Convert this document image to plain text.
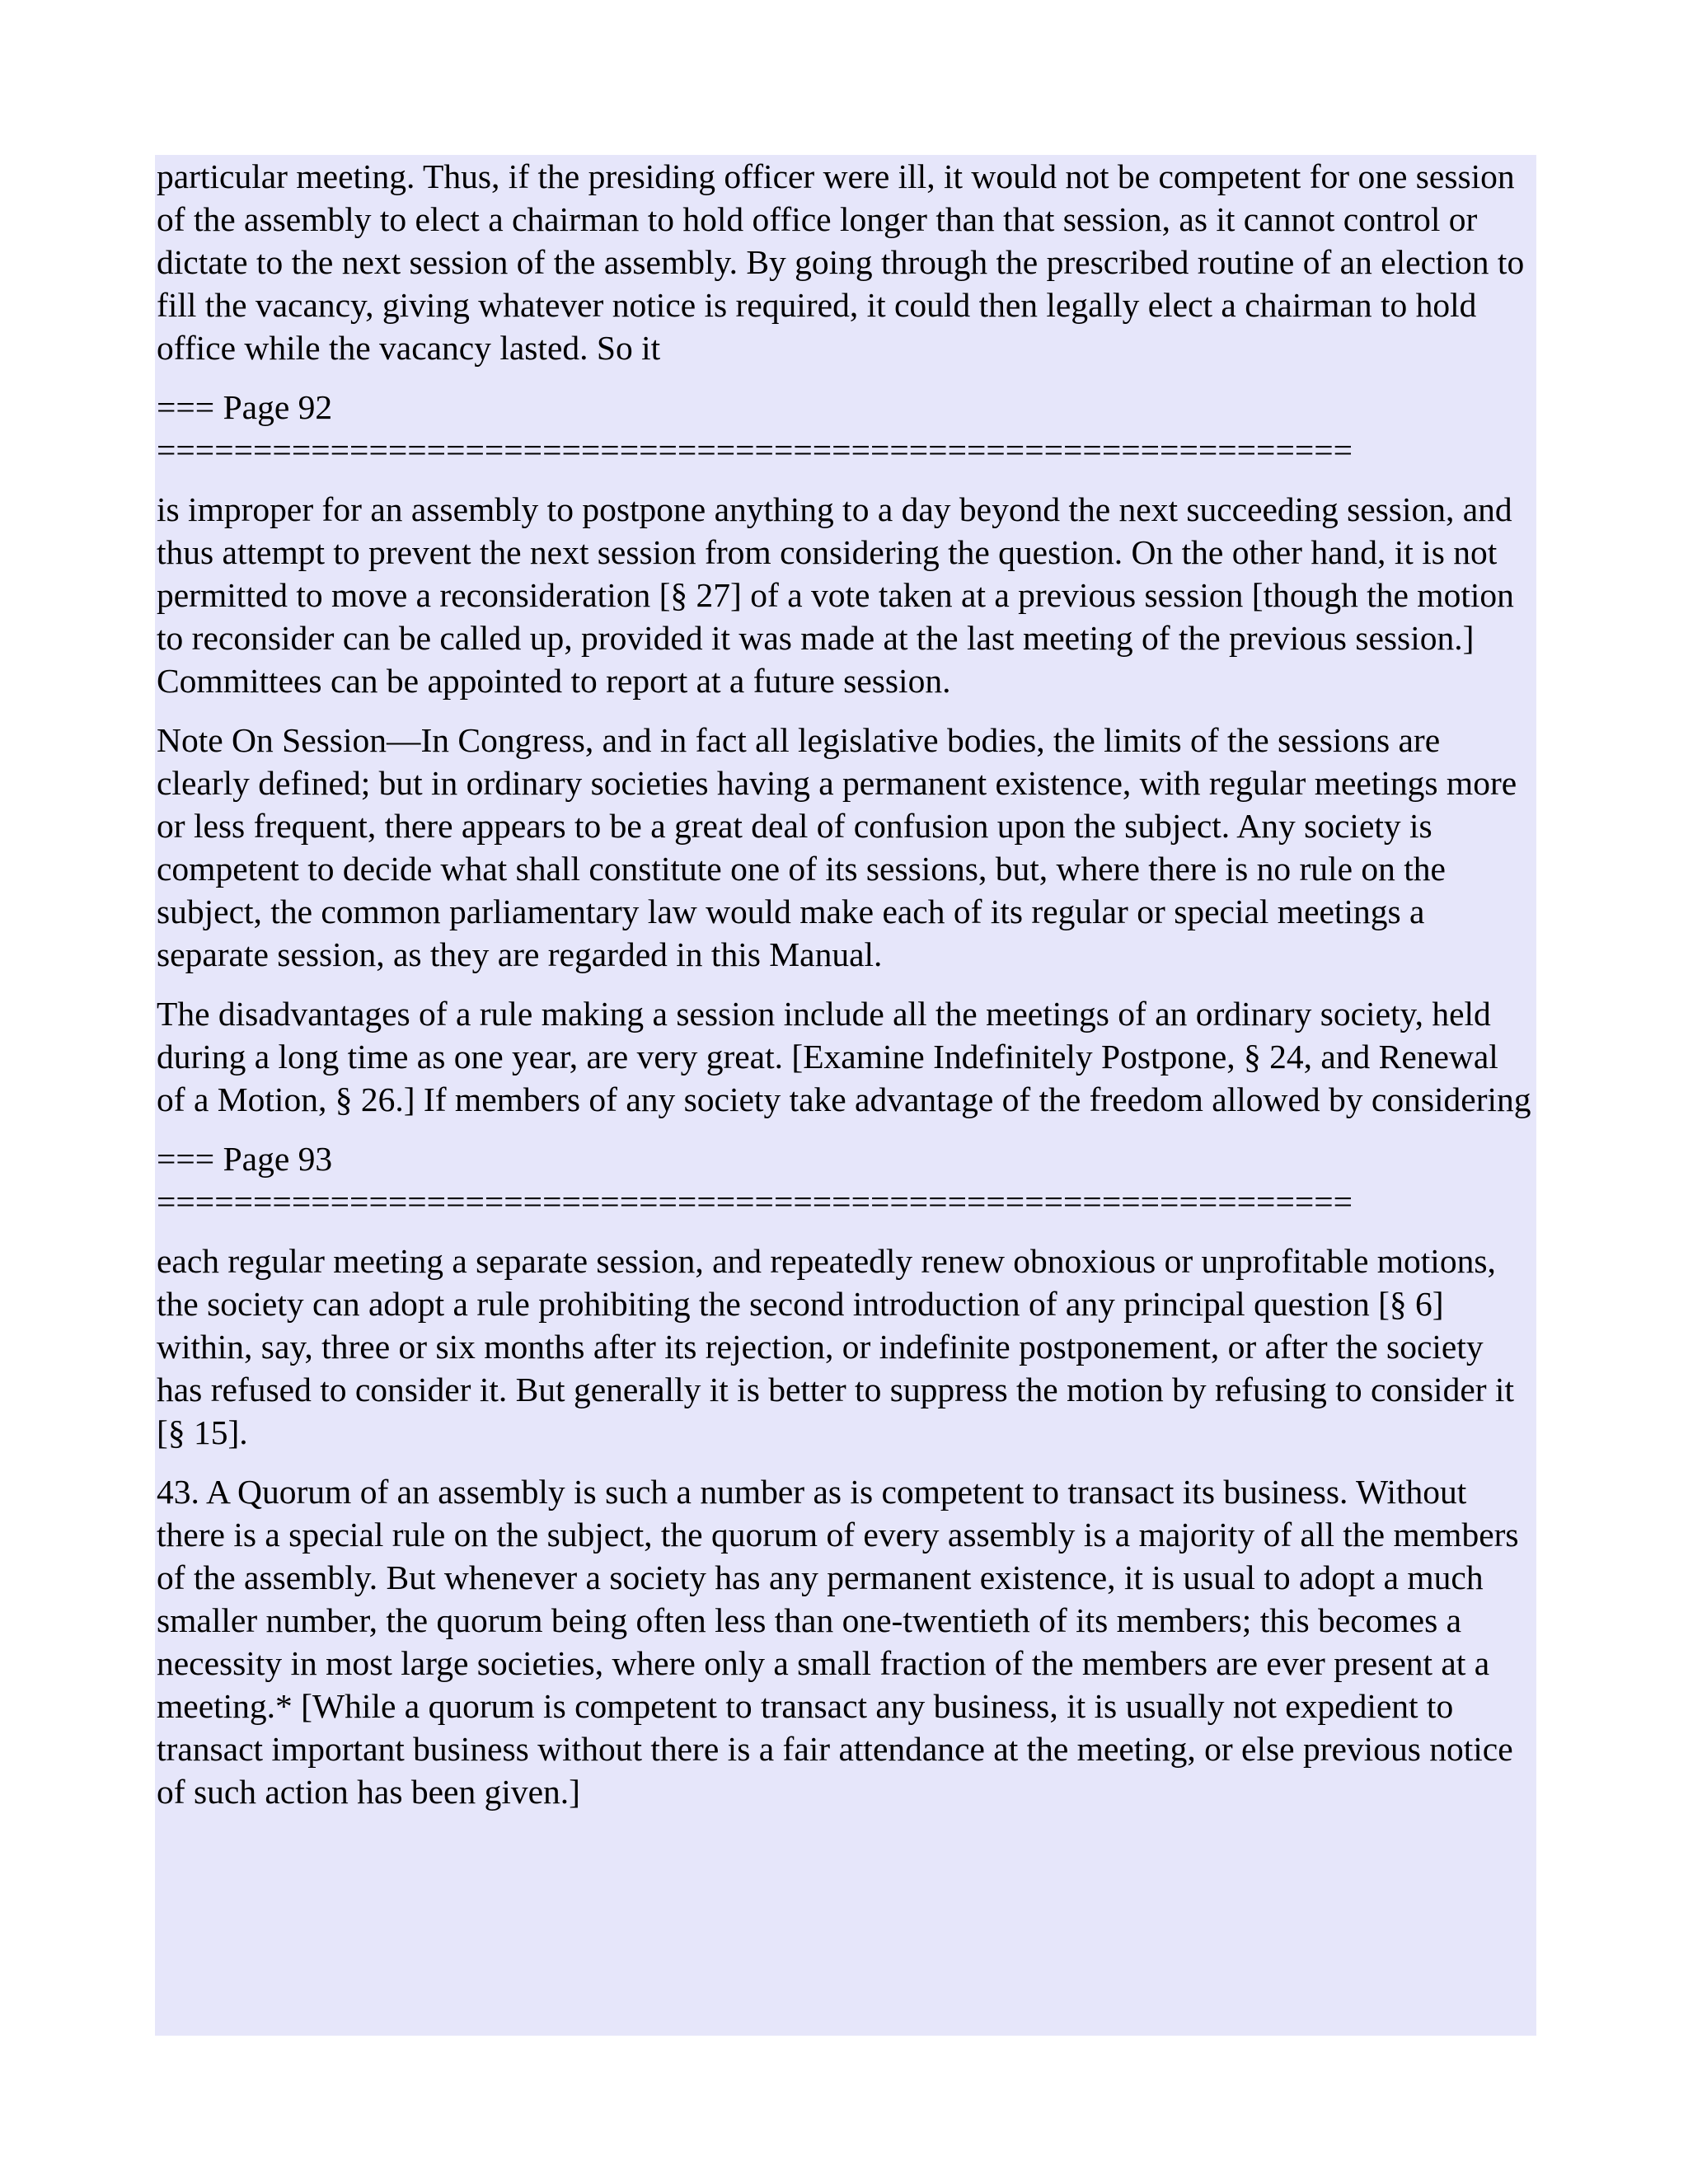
particular meeting. Thus, if the presiding officer were ill, it would not be competent for one session of the assembly to elect a chairman to hold office longer than that session, as it cannot control or dictate to the next session of the assembly. By going through the prescribed routine of an election to fill the vacancy, giving whatever notice is required, it could then legally elect a chairman to hold office while the vacancy lasted. So it

=== Page 92
==============================================================

is improper for an assembly to postpone anything to a day beyond the next succeeding session, and thus attempt to prevent the next session from considering the question. On the other hand, it is not permitted to move a reconsideration [§ 27] of a vote taken at a previous session [though the motion to reconsider can be called up, provided it was made at the last meeting of the previous session.] Committees can be appointed to report at a future session.

Note On Session—In Congress, and in fact all legislative bodies, the limits of the sessions are clearly defined; but in ordinary societies having a permanent existence, with regular meetings more or less frequent, there appears to be a great deal of confusion upon the subject. Any society is competent to decide what shall constitute one of its sessions, but, where there is no rule on the subject, the common parliamentary law would make each of its regular or special meetings a separate session, as they are regarded in this Manual.

The disadvantages of a rule making a session include all the meetings of an ordinary society, held during a long time as one year, are very great. [Examine Indefinitely Postpone, § 24, and Renewal of a Motion, § 26.] If members of any society take advantage of the freedom allowed by considering

=== Page 93
==============================================================

each regular meeting a separate session, and repeatedly renew obnoxious or unprofitable motions, the society can adopt a rule prohibiting the second introduction of any principal question [§ 6] within, say, three or six months after its rejection, or indefinite postponement, or after the society has refused to consider it. But generally it is better to suppress the motion by refusing to consider it [§ 15].

43. A Quorum of an assembly is such a number as is competent to transact its business. Without there is a special rule on the subject, the quorum of every assembly is a majority of all the members of the assembly. But whenever a society has any permanent existence, it is usual to adopt a much smaller number, the quorum being often less than one-twentieth of its members; this becomes a necessity in most large societies, where only a small fraction of the members are ever present at a meeting.* [While a quorum is competent to transact any business, it is usually not expedient to transact important business without there is a fair attendance at the meeting, or else previous notice of such action has been given.]
